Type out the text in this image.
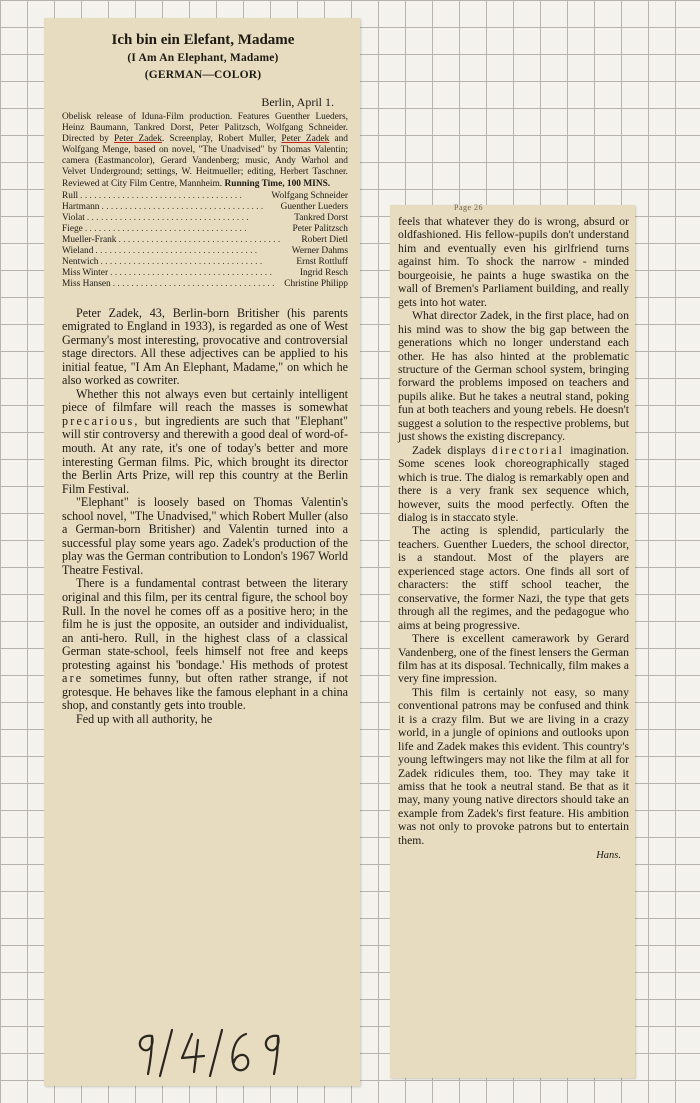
Ich bin ein Elefant, Madame
(I Am An Elephant, Madame)
(GERMAN—COLOR)
Berlin, April 1.
Obelisk release of Iduna-Film production. Features Guenther Lueders, Heinz Baumann, Tankred Dorst, Peter Palitzsch, Wolfgang Schneider. Directed by Peter Zadek. Screenplay, Robert Muller, Peter Zadek and Wolfgang Menge, based on novel, "The Unadvised" by Thomas Valentin; camera (Eastmancolor), Gerard Vandenberg; music, Andy Warhol and Velvet Underground; settings, W. Heitmueller; editing, Herbert Taschner. Reviewed at City Film Centre, Mannheim. Running Time, 100 MINS.
Rull . . .	Wolfgang Schneider
Hartmann . . .	Guenther Lueders
Violat . . .	Tankred Dorst
Fiege . . .	Peter Palitzsch
Mueller-Frank . . .	Robert Dietl
Wieland . . .	Werner Dahms
Nentwich . . .	Ernst Rottluff
Miss Winter . . .	Ingrid Resch
Miss Hansen . . .	Christine Philipp

Peter Zadek, 43, Berlin-born Britisher (his parents emigrated to England in 1933), is regarded as one of West Germany's most interesting, provocative and controversial stage directors. All these adjectives can be applied to his initial featue, "I Am An Elephant, Madame," on which he also worked as cowriter.

Whether this not always even but certainly intelligent piece of filmfare will reach the masses is somewhat precarious, but ingredients are such that "Elephant" will stir controversy and therewith a good deal of word-of-mouth. At any rate, it's one of today's better and more interesting German films. Pic, which brought its director the Berlin Arts Prize, will rep this country at the Berlin Film Festival.

"Elephant" is loosely based on Thomas Valentin's school novel, "The Unadvised," which Robert Muller (also a German-born Britisher) and Valentin turned into a successful play some years ago. Zadek's production of the play was the German contribution to London's 1967 World Theatre Festival.

There is a fundamental contrast between the literary original and this film, per its central figure, the school boy Rull. In the novel he comes off as a positive hero; in the film he is just the opposite, an outsider and individualist, an anti-hero. Rull, in the highest class of a classical German state-school, feels himself not free and keeps protesting against his 'bondage.' His methods of protest are sometimes funny, but often rather strange, if not grotesque. He behaves like the famous elephant in a china shop, and constantly gets into trouble.

Fed up with all authority, he

Page 26

feels that whatever they do is wrong, absurd or oldfashioned. His fellow-pupils don't understand him and eventually even his girlfriend turns against him. To shock the narrow - minded bourgeoisie, he paints a huge swastika on the wall of Bremen's Parliament building, and really gets into hot water.

What director Zadek, in the first place, had on his mind was to show the big gap between the generations which no longer understand each other. He has also hinted at the problematic structure of the German school system, bringing forward the problems imposed on teachers and pupils alike. But he takes a neutral stand, poking fun at both teachers and young rebels. He doesn't suggest a solution to the respective problems, but just shows the existing discrepancy.

Zadek displays directorial imagination. Some scenes look choreographically staged which is true. The dialog is remarkably open and there is a very frank sex sequence which, however, suits the mood perfectly. Often the dialog is in staccato style.

The acting is splendid, particularly the teachers. Guenther Lueders, the school director, is a standout. Most of the players are experienced stage actors. One finds all sort of characters: the stiff school teacher, the conservative, the former Nazi, the type that gets through all the regimes, and the pedagogue who aims at being progressive.

There is excellent camerawork by Gerard Vandenberg, one of the finest lensers the German film has at its disposal. Technically, film makes a very fine impression.

This film is certainly not easy, so many conventional patrons may be confused and think it is a crazy film. But we are living in a crazy world, in a jungle of opinions and outlooks upon life and Zadek makes this evident. This country's young leftwingers may not like the film at all for Zadek ridicules them, too. They may take it amiss that he took a neutral stand. Be that as it may, many young native directors should take an example from Zadek's first feature. His ambition was not only to provoke patrons but to entertain them.

Hans.
